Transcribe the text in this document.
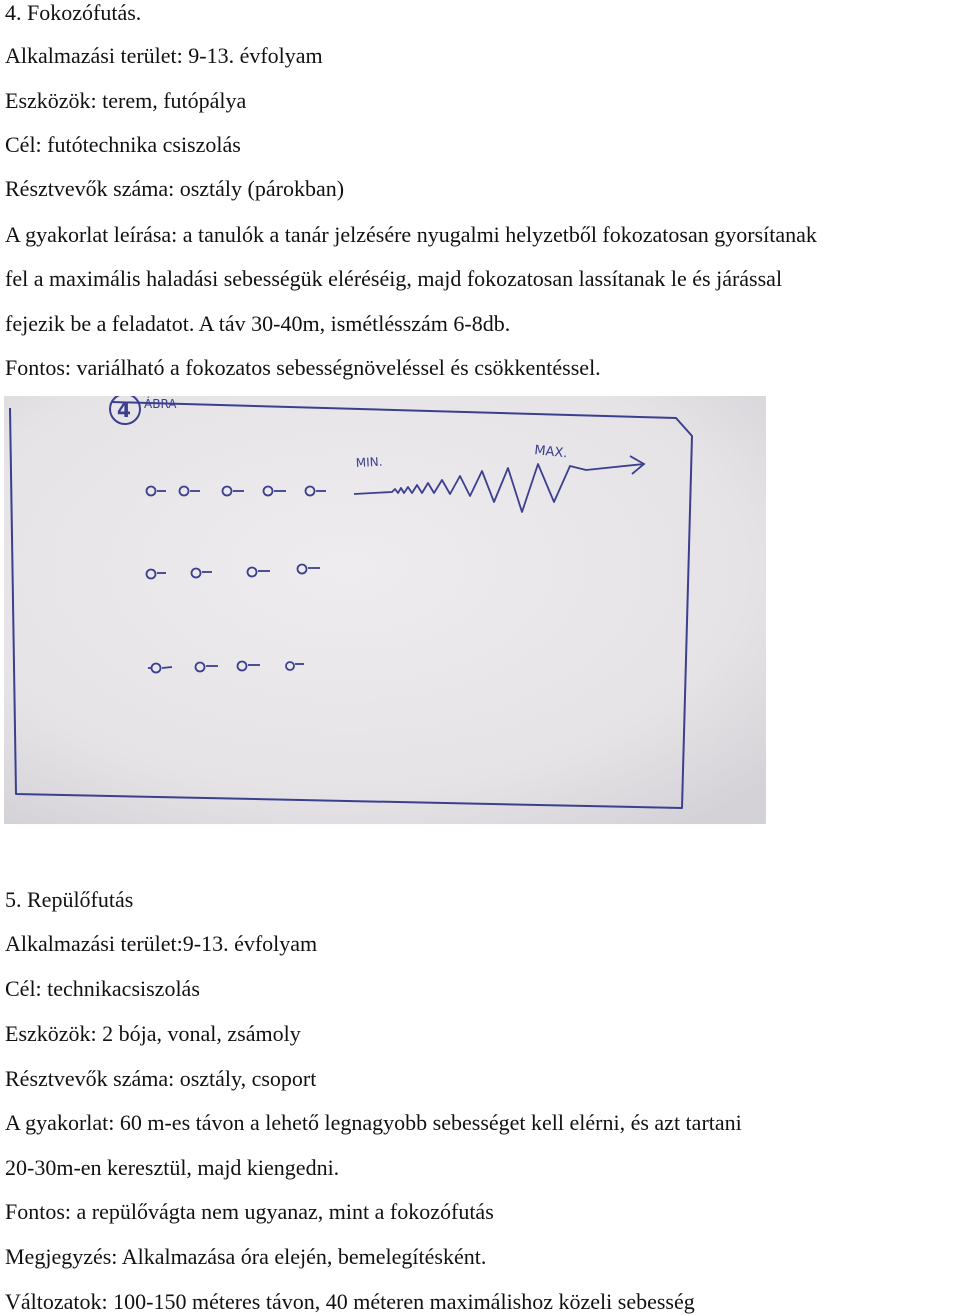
4. Fokozófutás.
Alkalmazási terület: 9-13. évfolyam
Eszközök: terem, futópálya
Cél: futótechnika csiszolás
Résztvevők száma: osztály (párokban)
A gyakorlat leírása: a tanulók a tanár jelzésére nyugalmi helyzetből fokozatosan gyorsítanak
fel a maximális haladási sebességük eléréséig, majd fokozatosan lassítanak le és járással
fejezik be a feladatot. A táv 30-40m, ismétlésszám 6-8db.
Fontos: variálható a fokozatos sebességnöveléssel és csökkentéssel.
4 ÁBRA
MIN.
MAX.
5. Repülőfutás
Alkalmazási terület:9-13. évfolyam
Cél: technikacsiszolás
Eszközök: 2 bója, vonal, zsámoly
Résztvevők száma: osztály, csoport
A gyakorlat: 60 m-es távon a lehető legnagyobb sebességet kell elérni, és azt tartani
20-30m-en keresztül, majd kiengedni.
Fontos: a repülővágta nem ugyanaz, mint a fokozófutás
Megjegyzés: Alkalmazása óra elején, bemelegítésként.
Változatok: 100-150 méteres távon, 40 méteren maximálishoz közeli sebesség
